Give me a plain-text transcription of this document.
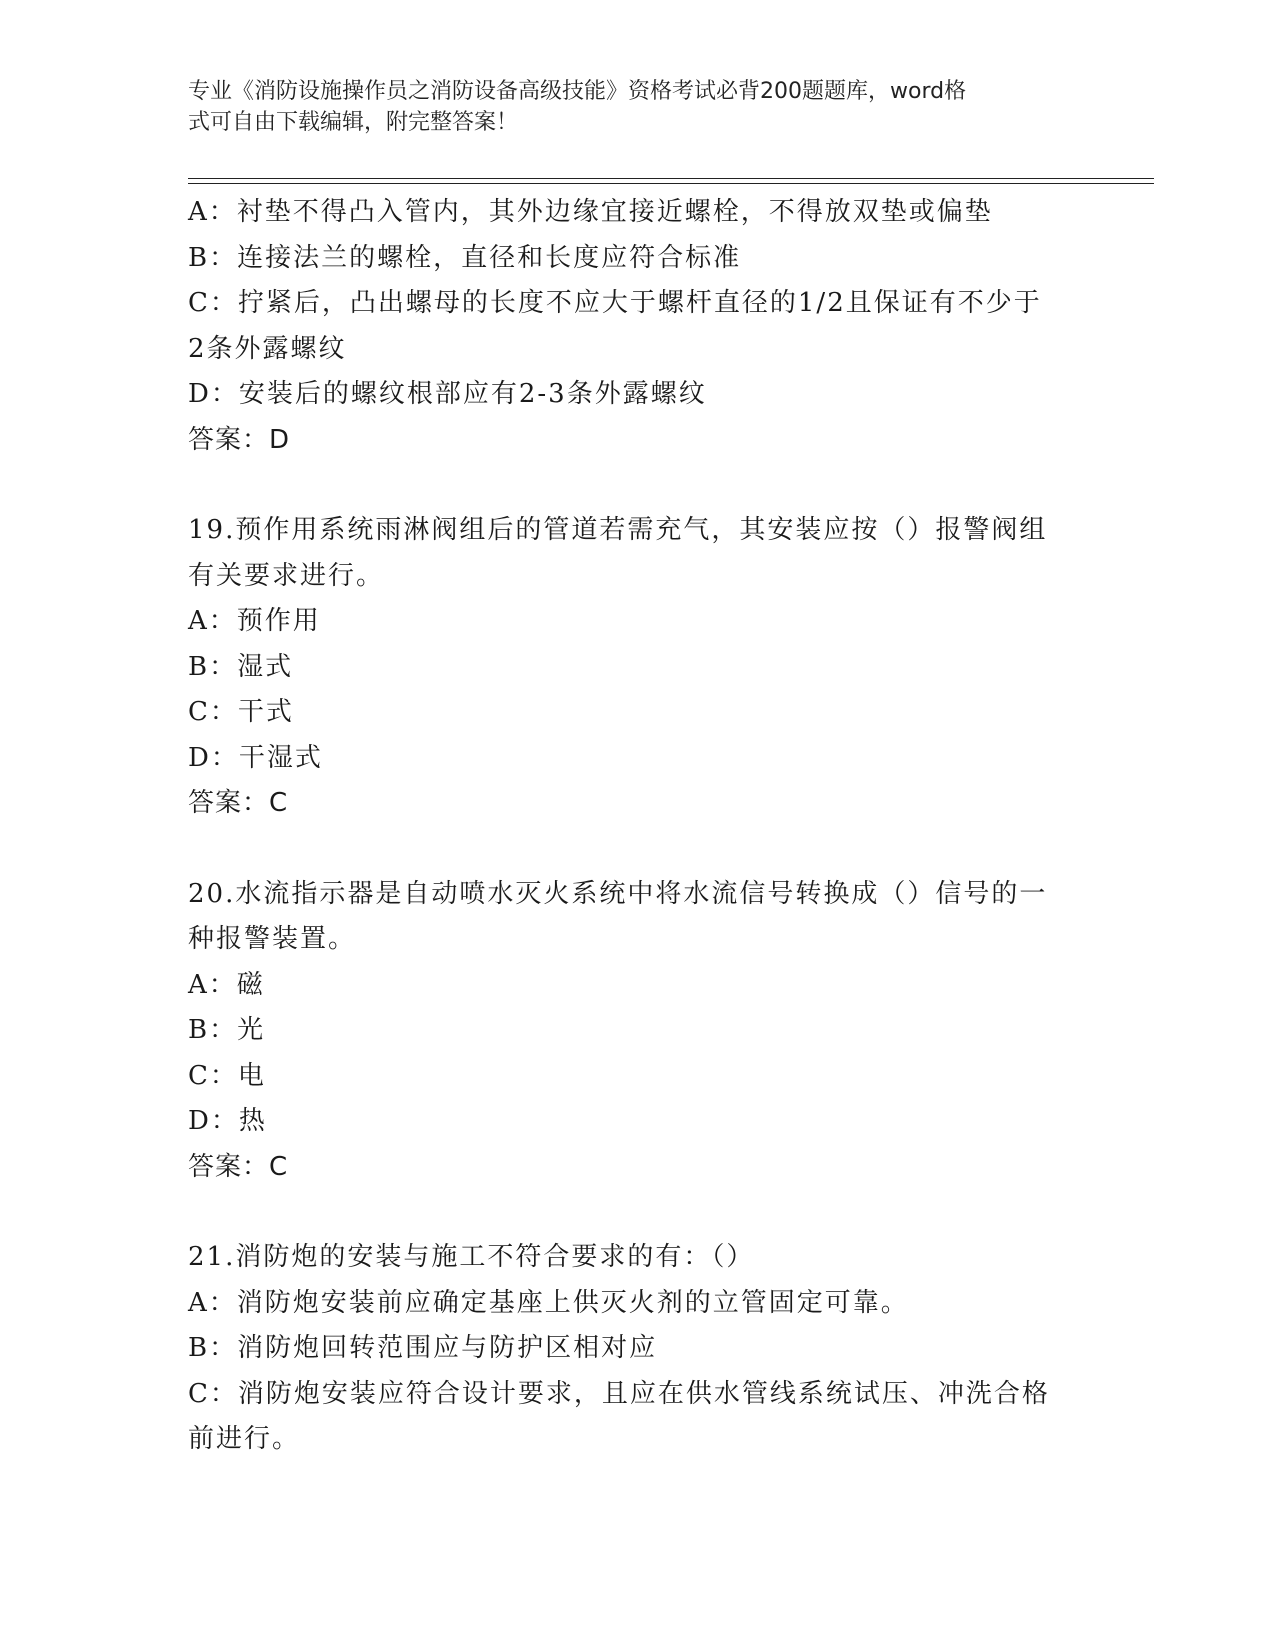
专业《消防设施操作员之消防设备高级技能》资格考试必背200题题库，word格
式可自由下载编辑，附完整答案！
A：衬垫不得凸入管内，其外边缘宜接近螺栓，不得放双垫或偏垫
B：连接法兰的螺栓，直径和长度应符合标准
C：拧紧后，凸出螺母的长度不应大于螺杆直径的1/2且保证有不少于
2条外露螺纹
D：安装后的螺纹根部应有2-3条外露螺纹
答案：D
19.预作用系统雨淋阀组后的管道若需充气，其安装应按（）报警阀组
有关要求进行。
A：预作用
B：湿式
C：干式
D：干湿式
答案：C
20.水流指示器是自动喷水灭火系统中将水流信号转换成（）信号的一
种报警装置。
A：磁
B：光
C：电
D：热
答案：C
21.消防炮的安装与施工不符合要求的有：（）
A：消防炮安装前应确定基座上供灭火剂的立管固定可靠。
B：消防炮回转范围应与防护区相对应
C：消防炮安装应符合设计要求，且应在供水管线系统试压、冲洗合格
前进行。
